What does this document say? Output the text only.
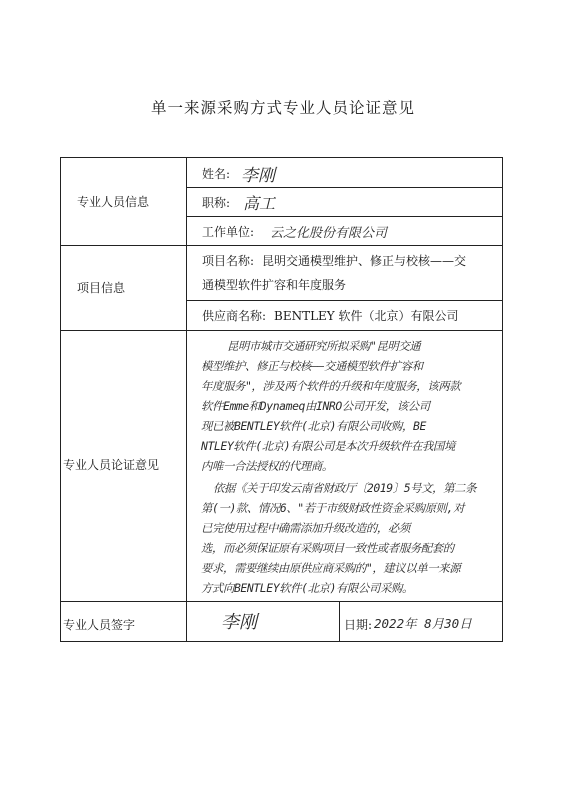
单一来源采购方式专业人员论证意见
专业人员信息
项目信息
专业人员论证意见
专业人员签字
姓名: 李刚
职称: 高工
工作单位: 云之化股份有限公司
项目名称: 昆明交通模型维护、修正与校核——交
通模型软件扩容和年度服务
供应商名称: BENTLEY 软件（北京）有限公司
昆明市城市交通研究所拟采购"昆明交通
模型维护、修正与校核——交通模型软件扩容和
年度服务"，涉及两个软件的升级和年度服务，该两款
软件Emme和Dynameq由INRO公司开发，该公司
现已被BENTLEY软件(北京)有限公司收购，BE
NTLEY软件(北京)有限公司是本次升级软件在我国境
内唯一合法授权的代理商。
依据《关于印发云南省财政厅〔2019〕5号文，第二条
第(一)款、情况6、"若于市级财政性资金采购原则,对
已完使用过程中确需添加升级改造的，必须
选，而必须保证原有采购项目一致性或者服务配套的
要求，需要继续由原供应商采购的"，建议以单一来源
方式向BENTLEY软件(北京)有限公司采购。
李刚	日期: 2022年 8月30日
